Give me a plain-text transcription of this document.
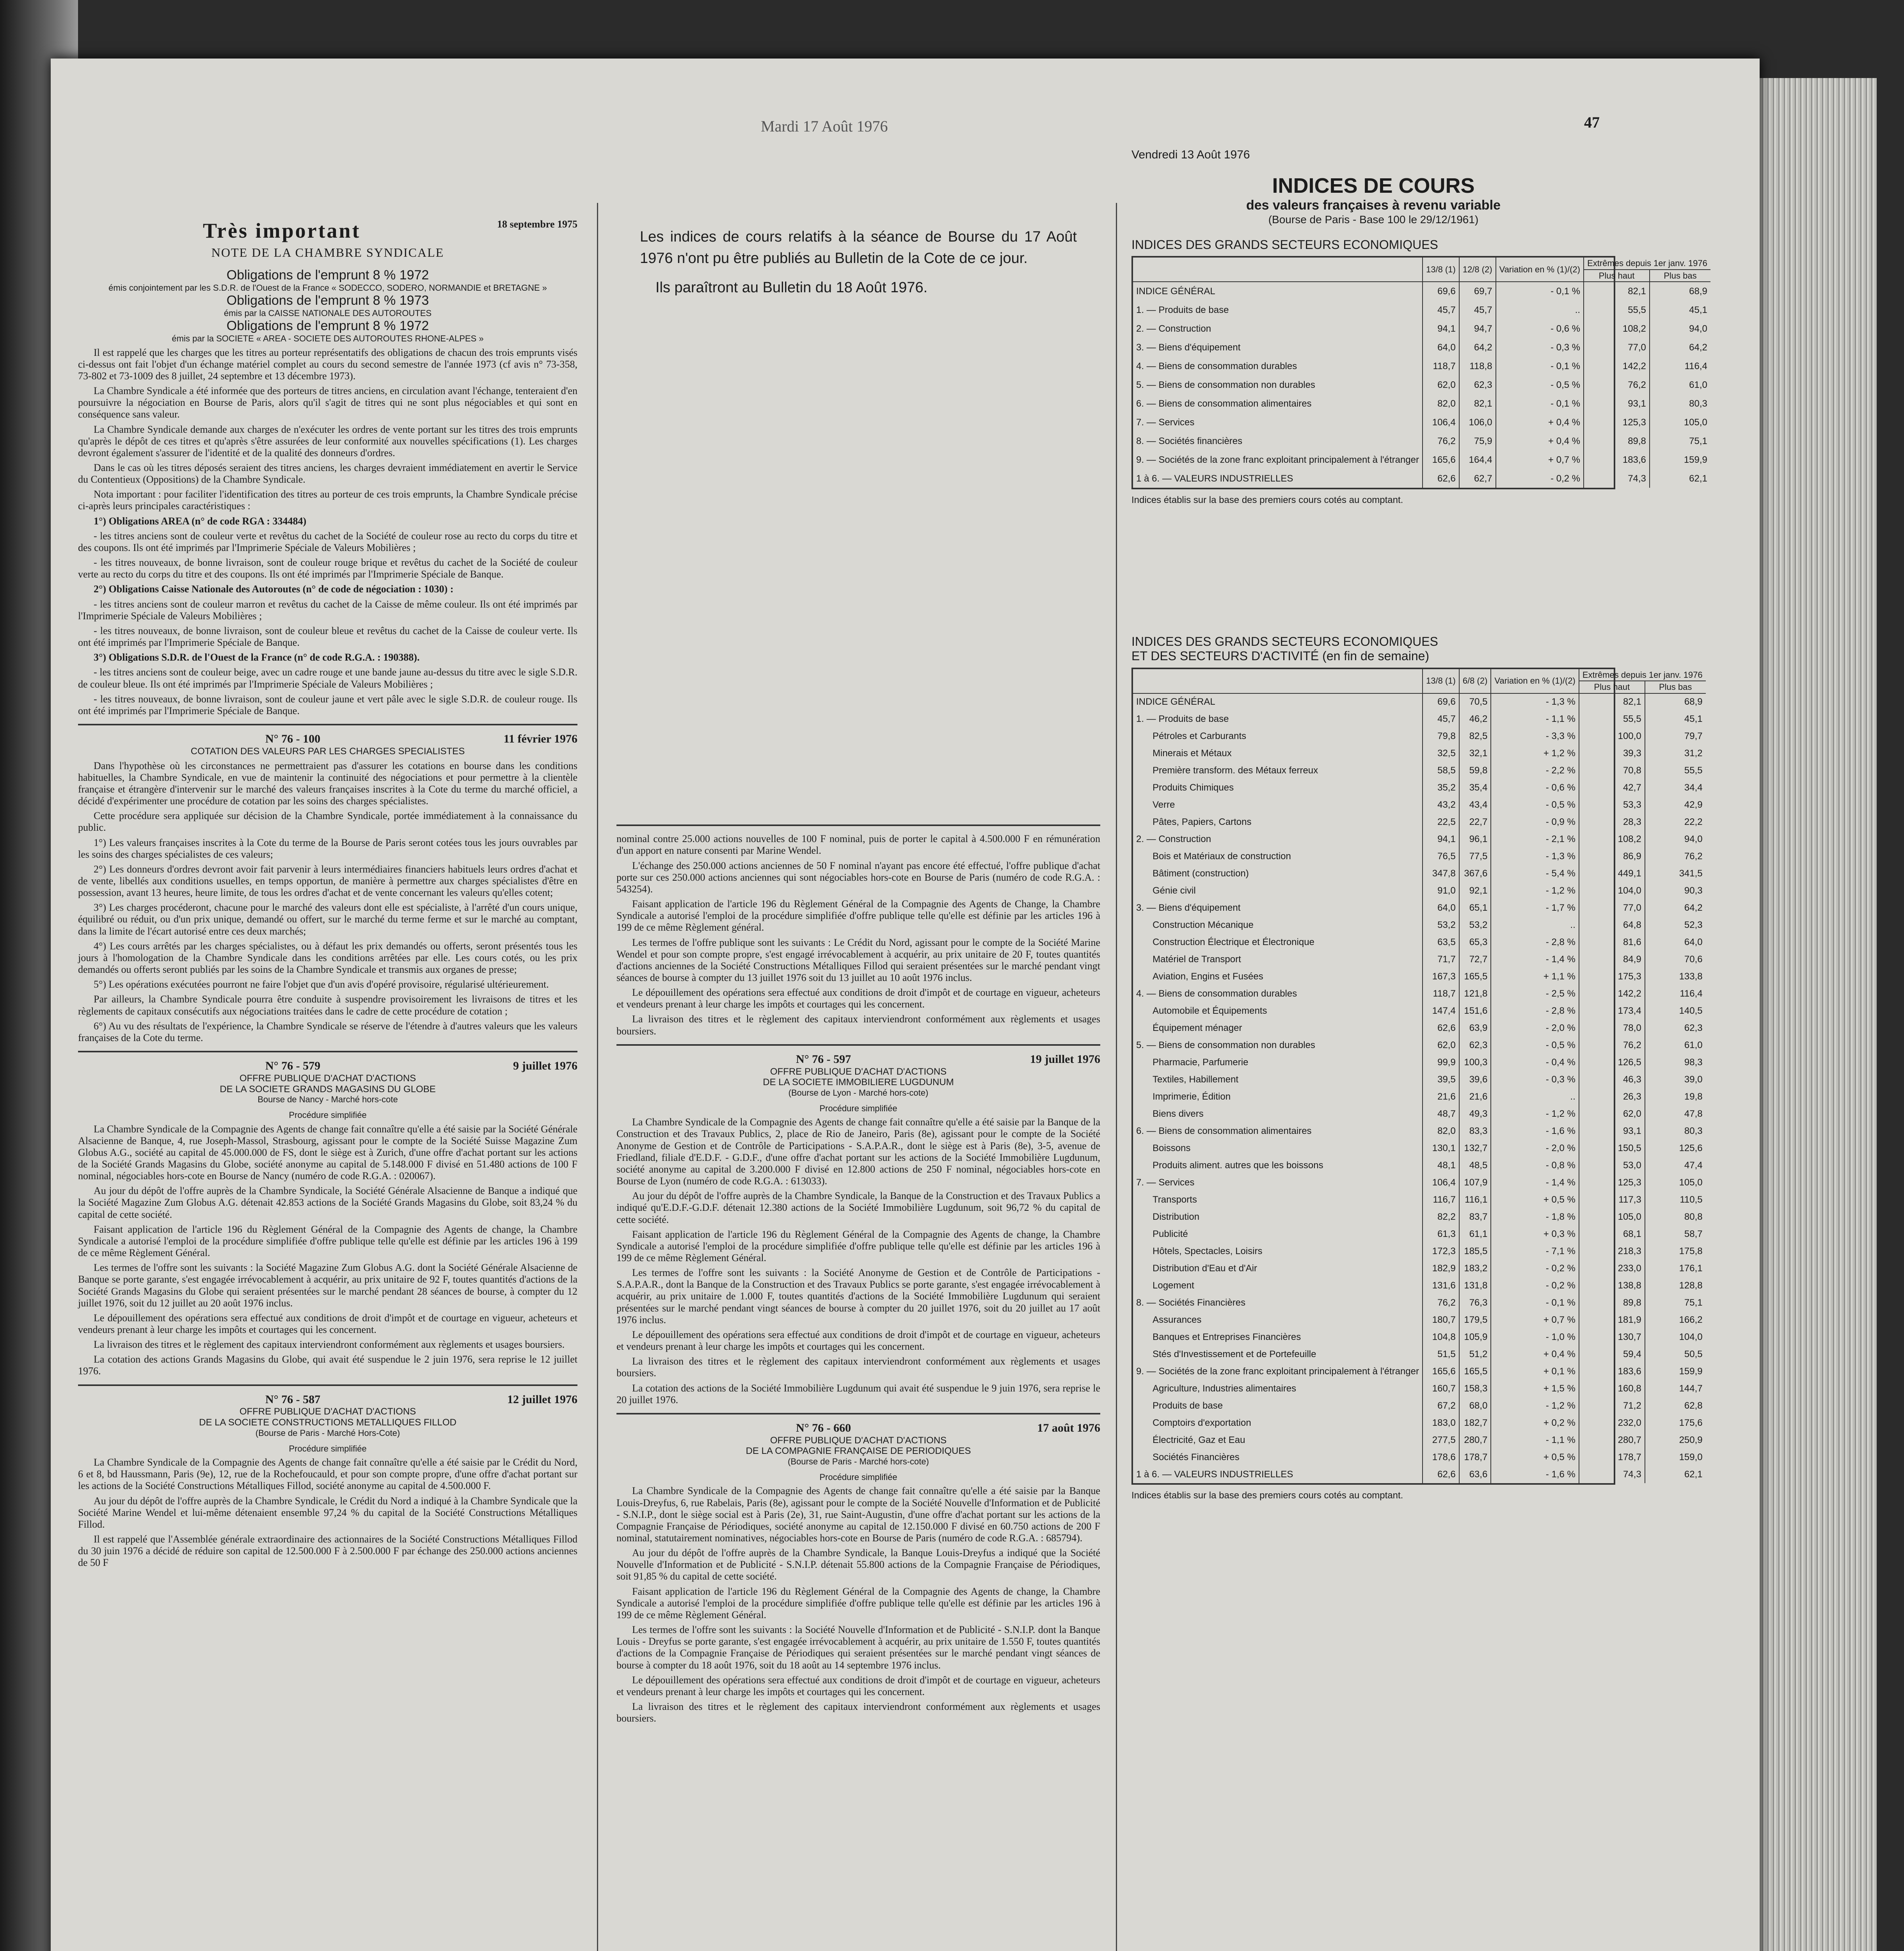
Mardi 17 Août 1976	47
Très important	18 septembre 1975
NOTE DE LA CHAMBRE SYNDICALE
Obligations de l'emprunt 8 % 1972
émis conjointement par les S.D.R. de l'Ouest de la France « SODECCO, SODERO, NORMANDIE et BRETAGNE »
Obligations de l'emprunt 8 % 1973
émis par la CAISSE NATIONALE DES AUTOROUTES
Obligations de l'emprunt 8 % 1972
émis par la SOCIETE « AREA - SOCIETE DES AUTOROUTES RHONE-ALPES »

Il est rappelé que les charges que les titres au porteur représentatifs des obligations de chacun des trois emprunts visés ci-dessus ont fait l'objet d'un échange matériel complet au cours du second semestre de l'année 1973 (cf avis n° 73-358, 73-802 et 73-1009 des 8 juillet, 24 septembre et 13 décembre 1973).

La Chambre Syndicale a été informée que des porteurs de titres anciens, en circulation avant l'échange, tenteraient d'en poursuivre la négociation en Bourse de Paris, alors qu'il s'agit de titres qui ne sont plus négociables et qui sont en conséquence sans valeur.

La Chambre Syndicale demande aux charges de n'exécuter les ordres de vente portant sur les titres des trois emprunts qu'après le dépôt de ces titres et qu'après s'être assurées de leur conformité aux nouvelles spécifications (1). Les charges devront également s'assurer de l'identité et de la qualité des donneurs d'ordres.

Dans le cas où les titres déposés seraient des titres anciens, les charges devraient immédiatement en avertir le Service du Contentieux (Oppositions) de la Chambre Syndicale.

Nota important : pour faciliter l'identification des titres au porteur de ces trois emprunts, la Chambre Syndicale précise ci-après leurs principales caractéristiques :

1°) Obligations AREA (n° de code RGA : 334484)

- les titres anciens sont de couleur verte et revêtus du cachet de la Société de couleur rose au recto du corps du titre et des coupons. Ils ont été imprimés par l'Imprimerie Spéciale de Valeurs Mobilières ;

- les titres nouveaux, de bonne livraison, sont de couleur rouge brique et revêtus du cachet de la Société de couleur verte au recto du corps du titre et des coupons. Ils ont été imprimés par l'Imprimerie Spéciale de Banque.

2°) Obligations Caisse Nationale des Autoroutes (n° de code de négociation : 1030) :

- les titres anciens sont de couleur marron et revêtus du cachet de la Caisse de même couleur. Ils ont été imprimés par l'Imprimerie Spéciale de Valeurs Mobilières ;

- les titres nouveaux, de bonne livraison, sont de couleur bleue et revêtus du cachet de la Caisse de couleur verte. Ils ont été imprimés par l'Imprimerie Spéciale de Banque.

3°) Obligations S.D.R. de l'Ouest de la France (n° de code R.G.A. : 190388).

- les titres anciens sont de couleur beige, avec un cadre rouge et une bande jaune au-dessus du titre avec le sigle S.D.R. de couleur bleue. Ils ont été imprimés par l'Imprimerie Spéciale de Valeurs Mobilières ;

- les titres nouveaux, de bonne livraison, sont de couleur jaune et vert pâle avec le sigle S.D.R. de couleur rouge. Ils ont été imprimés par l'Imprimerie Spéciale de Banque.

N° 76 - 100	11 février 1976
COTATION DES VALEURS PAR LES CHARGES SPECIALISTES

Dans l'hypothèse où les circonstances ne permettraient pas d'assurer les cotations en bourse dans les conditions habituelles, la Chambre Syndicale, en vue de maintenir la continuité des négociations et pour permettre à la clientèle française et étrangère d'intervenir sur le marché des valeurs françaises inscrites à la Cote du terme du marché officiel, a décidé d'expérimenter une procédure de cotation par les soins des charges spécialistes.

Cette procédure sera appliquée sur décision de la Chambre Syndicale, portée immédiatement à la connaissance du public.

1°) Les valeurs françaises inscrites à la Cote du terme de la Bourse de Paris seront cotées tous les jours ouvrables par les soins des charges spécialistes de ces valeurs;

2°) Les donneurs d'ordres devront avoir fait parvenir à leurs intermédiaires financiers habituels leurs ordres d'achat et de vente, libellés aux conditions usuelles, en temps opportun, de manière à permettre aux charges spécialistes d'être en possession, avant 13 heures, heure limite, de tous les ordres d'achat et de vente concernant les valeurs qu'elles cotent;

3°) Les charges procéderont, chacune pour le marché des valeurs dont elle est spécialiste, à l'arrêté d'un cours unique, équilibré ou réduit, ou d'un prix unique, demandé ou offert, sur le marché du terme ferme et sur le marché au comptant, dans la limite de l'écart autorisé entre ces deux marchés;

4°) Les cours arrêtés par les charges spécialistes, ou à défaut les prix demandés ou offerts, seront présentés tous les jours à l'homologation de la Chambre Syndicale dans les conditions arrêtées par elle. Les cours cotés, ou les prix demandés ou offerts seront publiés par les soins de la Chambre Syndicale et transmis aux organes de presse;

5°) Les opérations exécutées pourront ne faire l'objet que d'un avis d'opéré provisoire, régularisé ultérieurement.

Par ailleurs, la Chambre Syndicale pourra être conduite à suspendre provisoirement les livraisons de titres et les règlements de capitaux consécutifs aux négociations traitées dans le cadre de cette procédure de cotation ;

6°) Au vu des résultats de l'expérience, la Chambre Syndicale se réserve de l'étendre à d'autres valeurs que les valeurs françaises de la Cote du terme.

N° 76 - 579	9 juillet 1976
OFFRE PUBLIQUE D'ACHAT D'ACTIONS
DE LA SOCIETE GRANDS MAGASINS DU GLOBE
Bourse de Nancy - Marché hors-cote
Procédure simplifiée

La Chambre Syndicale de la Compagnie des Agents de change fait connaître qu'elle a été saisie par la Société Générale Alsacienne de Banque, 4, rue Joseph-Massol, Strasbourg, agissant pour le compte de la Société Suisse Magazine Zum Globus A.G., société au capital de 45.000.000 de FS, dont le siège est à Zurich, d'une offre d'achat portant sur les actions de la Société Grands Magasins du Globe, société anonyme au capital de 5.148.000 F divisé en 51.480 actions de 100 F nominal, négociables hors-cote en Bourse de Nancy (numéro de code R.G.A. : 020067).

Au jour du dépôt de l'offre auprès de la Chambre Syndicale, la Société Générale Alsacienne de Banque a indiqué que la Société Magazine Zum Globus A.G. détenait 42.853 actions de la Société Grands Magasins du Globe, soit 83,24 % du capital de cette société.

Faisant application de l'article 196 du Règlement Général de la Compagnie des Agents de change, la Chambre Syndicale a autorisé l'emploi de la procédure simplifiée d'offre publique telle qu'elle est définie par les articles 196 à 199 de ce même Règlement Général.

Les termes de l'offre sont les suivants : la Société Magazine Zum Globus A.G. dont la Société Générale Alsacienne de Banque se porte garante, s'est engagée irrévocablement à acquérir, au prix unitaire de 92 F, toutes quantités d'actions de la Société Grands Magasins du Globe qui seraient présentées sur le marché pendant 28 séances de bourse, à compter du 12 juillet 1976, soit du 12 juillet au 20 août 1976 inclus.

Le dépouillement des opérations sera effectué aux conditions de droit d'impôt et de courtage en vigueur, acheteurs et vendeurs prenant à leur charge les impôts et courtages qui les concernent.

La livraison des titres et le règlement des capitaux interviendront conformément aux règlements et usages boursiers.

La cotation des actions Grands Magasins du Globe, qui avait été suspendue le 2 juin 1976, sera reprise le 12 juillet 1976.

N° 76 - 587	12 juillet 1976
OFFRE PUBLIQUE D'ACHAT D'ACTIONS
DE LA SOCIETE CONSTRUCTIONS METALLIQUES FILLOD
(Bourse de Paris - Marché Hors-Cote)
Procédure simplifiée

La Chambre Syndicale de la Compagnie des Agents de change fait connaître qu'elle a été saisie par le Crédit du Nord, 6 et 8, bd Haussmann, Paris (9e), 12, rue de la Rochefoucauld, et pour son compte propre, d'une offre d'achat portant sur les actions de la Société Constructions Métalliques Fillod, société anonyme au capital de 4.500.000 F.

Au jour du dépôt de l'offre auprès de la Chambre Syndicale, le Crédit du Nord a indiqué à la Chambre Syndicale que la Société Marine Wendel et lui-même détenaient ensemble 97,24 % du capital de la Société Constructions Métalliques Fillod.

Il est rappelé que l'Assemblée générale extraordinaire des actionnaires de la Société Constructions Métalliques Fillod du 30 juin 1976 a décidé de réduire son capital de 12.500.000 F à 2.500.000 F par échange des 250.000 actions anciennes de 50 F

Les indices de cours relatifs à la séance de Bourse du 17 Août 1976 n'ont pu être publiés au Bulletin de la Cote de ce jour.
Ils paraîtront au Bulletin du 18 Août 1976.

nominal contre 25.000 actions nouvelles de 100 F nominal, puis de porter le capital à 4.500.000 F en rémunération d'un apport en nature consenti par Marine Wendel.

L'échange des 250.000 actions anciennes de 50 F nominal n'ayant pas encore été effectué, l'offre publique d'achat porte sur ces 250.000 actions anciennes qui sont négociables hors-cote en Bourse de Paris (numéro de code R.G.A. : 543254).

Faisant application de l'article 196 du Règlement Général de la Compagnie des Agents de Change, la Chambre Syndicale a autorisé l'emploi de la procédure simplifiée d'offre publique telle qu'elle est définie par les articles 196 à 199 de ce même Règlement général.

Les termes de l'offre publique sont les suivants : Le Crédit du Nord, agissant pour le compte de la Société Marine Wendel et pour son compte propre, s'est engagé irrévocablement à acquérir, au prix unitaire de 20 F, toutes quantités d'actions anciennes de la Société Constructions Métalliques Fillod qui seraient présentées sur le marché pendant vingt séances de bourse à compter du 13 juillet 1976 soit du 13 juillet au 10 août 1976 inclus.

Le dépouillement des opérations sera effectué aux conditions de droit d'impôt et de courtage en vigueur, acheteurs et vendeurs prenant à leur charge les impôts et courtages qui les concernent.

La livraison des titres et le règlement des capitaux interviendront conformément aux règlements et usages boursiers.

N° 76 - 597	19 juillet 1976
OFFRE PUBLIQUE D'ACHAT D'ACTIONS
DE LA SOCIETE IMMOBILIERE LUGDUNUM
(Bourse de Lyon - Marché hors-cote)
Procédure simplifiée

La Chambre Syndicale de la Compagnie des Agents de change fait connaître qu'elle a été saisie par la Banque de la Construction et des Travaux Publics, 2, place de Rio de Janeiro, Paris (8e), agissant pour le compte de la Société Anonyme de Gestion et de Contrôle de Participations - S.A.P.A.R., dont le siège est à Paris (8e), 3-5, avenue de Friedland, filiale d'E.D.F. - G.D.F., d'une offre d'achat portant sur les actions de la Société Immobilière Lugdunum, société anonyme au capital de 3.200.000 F divisé en 12.800 actions de 250 F nominal, négociables hors-cote en Bourse de Lyon (numéro de code R.G.A. : 613033).

Au jour du dépôt de l'offre auprès de la Chambre Syndicale, la Banque de la Construction et des Travaux Publics a indiqué qu'E.D.F.-G.D.F. détenait 12.380 actions de la Société Immobilière Lugdunum, soit 96,72 % du capital de cette société.

Faisant application de l'article 196 du Règlement Général de la Compagnie des Agents de change, la Chambre Syndicale a autorisé l'emploi de la procédure simplifiée d'offre publique telle qu'elle est définie par les articles 196 à 199 de ce même Règlement Général.

Les termes de l'offre sont les suivants : la Société Anonyme de Gestion et de Contrôle de Participations - S.A.P.A.R., dont la Banque de la Construction et des Travaux Publics se porte garante, s'est engagée irrévocablement à acquérir, au prix unitaire de 1.000 F, toutes quantités d'actions de la Société Immobilière Lugdunum qui seraient présentées sur le marché pendant vingt séances de bourse à compter du 20 juillet 1976, soit du 20 juillet au 17 août 1976 inclus.

Le dépouillement des opérations sera effectué aux conditions de droit d'impôt et de courtage en vigueur, acheteurs et vendeurs prenant à leur charge les impôts et courtages qui les concernent.

La livraison des titres et le règlement des capitaux interviendront conformément aux règlements et usages boursiers.

La cotation des actions de la Société Immobilière Lugdunum qui avait été suspendue le 9 juin 1976, sera reprise le 20 juillet 1976.

N° 76 - 660	17 août 1976
OFFRE PUBLIQUE D'ACHAT D'ACTIONS
DE LA COMPAGNIE FRANÇAISE DE PERIODIQUES
(Bourse de Paris - Marché hors-cote)
Procédure simplifiée

La Chambre Syndicale de la Compagnie des Agents de change fait connaître qu'elle a été saisie par la Banque Louis-Dreyfus, 6, rue Rabelais, Paris (8e), agissant pour le compte de la Société Nouvelle d'Information et de Publicité - S.N.I.P., dont le siège social est à Paris (2e), 31, rue Saint-Augustin, d'une offre d'achat portant sur les actions de la Compagnie Française de Périodiques, société anonyme au capital de 12.150.000 F divisé en 60.750 actions de 200 F nominal, statutairement nominatives, négociables hors-cote en Bourse de Paris (numéro de code R.G.A. : 685794).

Au jour du dépôt de l'offre auprès de la Chambre Syndicale, la Banque Louis-Dreyfus a indiqué que la Société Nouvelle d'Information et de Publicité - S.N.I.P. détenait 55.800 actions de la Compagnie Française de Périodiques, soit 91,85 % du capital de cette société.

Faisant application de l'article 196 du Règlement Général de la Compagnie des Agents de change, la Chambre Syndicale a autorisé l'emploi de la procédure simplifiée d'offre publique telle qu'elle est définie par les articles 196 à 199 de ce même Règlement Général.

Les termes de l'offre sont les suivants : la Société Nouvelle d'Information et de Publicité - S.N.I.P. dont la Banque Louis - Dreyfus se porte garante, s'est engagée irrévocablement à acquérir, au prix unitaire de 1.550 F, toutes quantités d'actions de la Compagnie Française de Périodiques qui seraient présentées sur le marché pendant vingt séances de bourse à compter du 18 août 1976, soit du 18 août au 14 septembre 1976 inclus.

Le dépouillement des opérations sera effectué aux conditions de droit d'impôt et de courtage en vigueur, acheteurs et vendeurs prenant à leur charge les impôts et courtages qui les concernent.

La livraison des titres et le règlement des capitaux interviendront conformément aux règlements et usages boursiers.

Vendredi 13 Août 1976
INDICES DE COURS
des valeurs françaises à revenu variable
(Bourse de Paris - Base 100 le 29/12/1961)
INDICES DES GRANDS SECTEURS ECONOMIQUES
	13/8 (1)	12/8 (2)	Variation en % (1)/(2)	Extrêmes depuis 1er janv. 1976	
				Plus haut	Plus bas
INDICE GÉNÉRAL	69,6	69,7	- 0,1 %	82,1	68,9
1. — Produits de base	45,7	45,7	..	55,5	45,1
2. — Construction	94,1	94,7	- 0,6 %	108,2	94,0
3. — Biens d'équipement	64,0	64,2	- 0,3 %	77,0	64,2
4. — Biens de consommation durables	118,7	118,8	- 0,1 %	142,2	116,4
5. — Biens de consommation non durables	62,0	62,3	- 0,5 %	76,2	61,0
6. — Biens de consommation alimentaires	82,0	82,1	- 0,1 %	93,1	80,3
7. — Services	106,4	106,0	+ 0,4 %	125,3	105,0
8. — Sociétés financières	76,2	75,9	+ 0,4 %	89,8	75,1
9. — Sociétés de la zone franc exploitant principalement à l'étranger	165,6	164,4	+ 0,7 %	183,6	159,9
1 à 6. — VALEURS INDUSTRIELLES	62,6	62,7	- 0,2 %	74,3	62,1
Indices établis sur la base des premiers cours cotés au comptant.
INDICES DES GRANDS SECTEURS ECONOMIQUES
ET DES SECTEURS D'ACTIVITÉ (en fin de semaine)
	13/8 (1)	6/8 (2)	Variation en % (1)/(2)	Extrêmes depuis 1er janv. 1976	
				Plus haut	Plus bas
INDICE GÉNÉRAL	69,6	70,5	- 1,3 %	82,1	68,9
1. — Produits de base	45,7	46,2	- 1,1 %	55,5	45,1
Pétroles et Carburants	79,8	82,5	- 3,3 %	100,0	79,7
Minerais et Métaux	32,5	32,1	+ 1,2 %	39,3	31,2
Première transform. des Métaux ferreux	58,5	59,8	- 2,2 %	70,8	55,5
Produits Chimiques	35,2	35,4	- 0,6 %	42,7	34,4
Verre	43,2	43,4	- 0,5 %	53,3	42,9
Pâtes, Papiers, Cartons	22,5	22,7	- 0,9 %	28,3	22,2
2. — Construction	94,1	96,1	- 2,1 %	108,2	94,0
Bois et Matériaux de construction	76,5	77,5	- 1,3 %	86,9	76,2
Bâtiment (construction)	347,8	367,6	- 5,4 %	449,1	341,5
Génie civil	91,0	92,1	- 1,2 %	104,0	90,3
3. — Biens d'équipement	64,0	65,1	- 1,7 %	77,0	64,2
Construction Mécanique	53,2	53,2	..	64,8	52,3
Construction Électrique et Électronique	63,5	65,3	- 2,8 %	81,6	64,0
Matériel de Transport	71,7	72,7	- 1,4 %	84,9	70,6
Aviation, Engins et Fusées	167,3	165,5	+ 1,1 %	175,3	133,8
4. — Biens de consommation durables	118,7	121,8	- 2,5 %	142,2	116,4
Automobile et Équipements	147,4	151,6	- 2,8 %	173,4	140,5
Équipement ménager	62,6	63,9	- 2,0 %	78,0	62,3
5. — Biens de consommation non durables	62,0	62,3	- 0,5 %	76,2	61,0
Pharmacie, Parfumerie	99,9	100,3	- 0,4 %	126,5	98,3
Textiles, Habillement	39,5	39,6	- 0,3 %	46,3	39,0
Imprimerie, Édition	21,6	21,6	..	26,3	19,8
Biens divers	48,7	49,3	- 1,2 %	62,0	47,8
6. — Biens de consommation alimentaires	82,0	83,3	- 1,6 %	93,1	80,3
Boissons	130,1	132,7	- 2,0 %	150,5	125,6
Produits aliment. autres que les boissons	48,1	48,5	- 0,8 %	53,0	47,4
7. — Services	106,4	107,9	- 1,4 %	125,3	105,0
Transports	116,7	116,1	+ 0,5 %	117,3	110,5
Distribution	82,2	83,7	- 1,8 %	105,0	80,8
Publicité	61,3	61,1	+ 0,3 %	68,1	58,7
Hôtels, Spectacles, Loisirs	172,3	185,5	- 7,1 %	218,3	175,8
Distribution d'Eau et d'Air	182,9	183,2	- 0,2 %	233,0	176,1
Logement	131,6	131,8	- 0,2 %	138,8	128,8
8. — Sociétés Financières	76,2	76,3	- 0,1 %	89,8	75,1
Assurances	180,7	179,5	+ 0,7 %	181,9	166,2
Banques et Entreprises Financières	104,8	105,9	- 1,0 %	130,7	104,0
Stés d'Investissement et de Portefeuille	51,5	51,2	+ 0,4 %	59,4	50,5
9. — Sociétés de la zone franc exploitant principalement à l'étranger	165,6	165,5	+ 0,1 %	183,6	159,9
Agriculture, Industries alimentaires	160,7	158,3	+ 1,5 %	160,8	144,7
Produits de base	67,2	68,0	- 1,2 %	71,2	62,8
Comptoirs d'exportation	183,0	182,7	+ 0,2 %	232,0	175,6
Électricité, Gaz et Eau	277,5	280,7	- 1,1 %	280,7	250,9
Sociétés Financières	178,6	178,7	+ 0,5 %	178,7	159,0
1 à 6. — VALEURS INDUSTRIELLES	62,6	63,6	- 1,6 %	74,3	62,1
Indices établis sur la base des premiers cours cotés au comptant.
